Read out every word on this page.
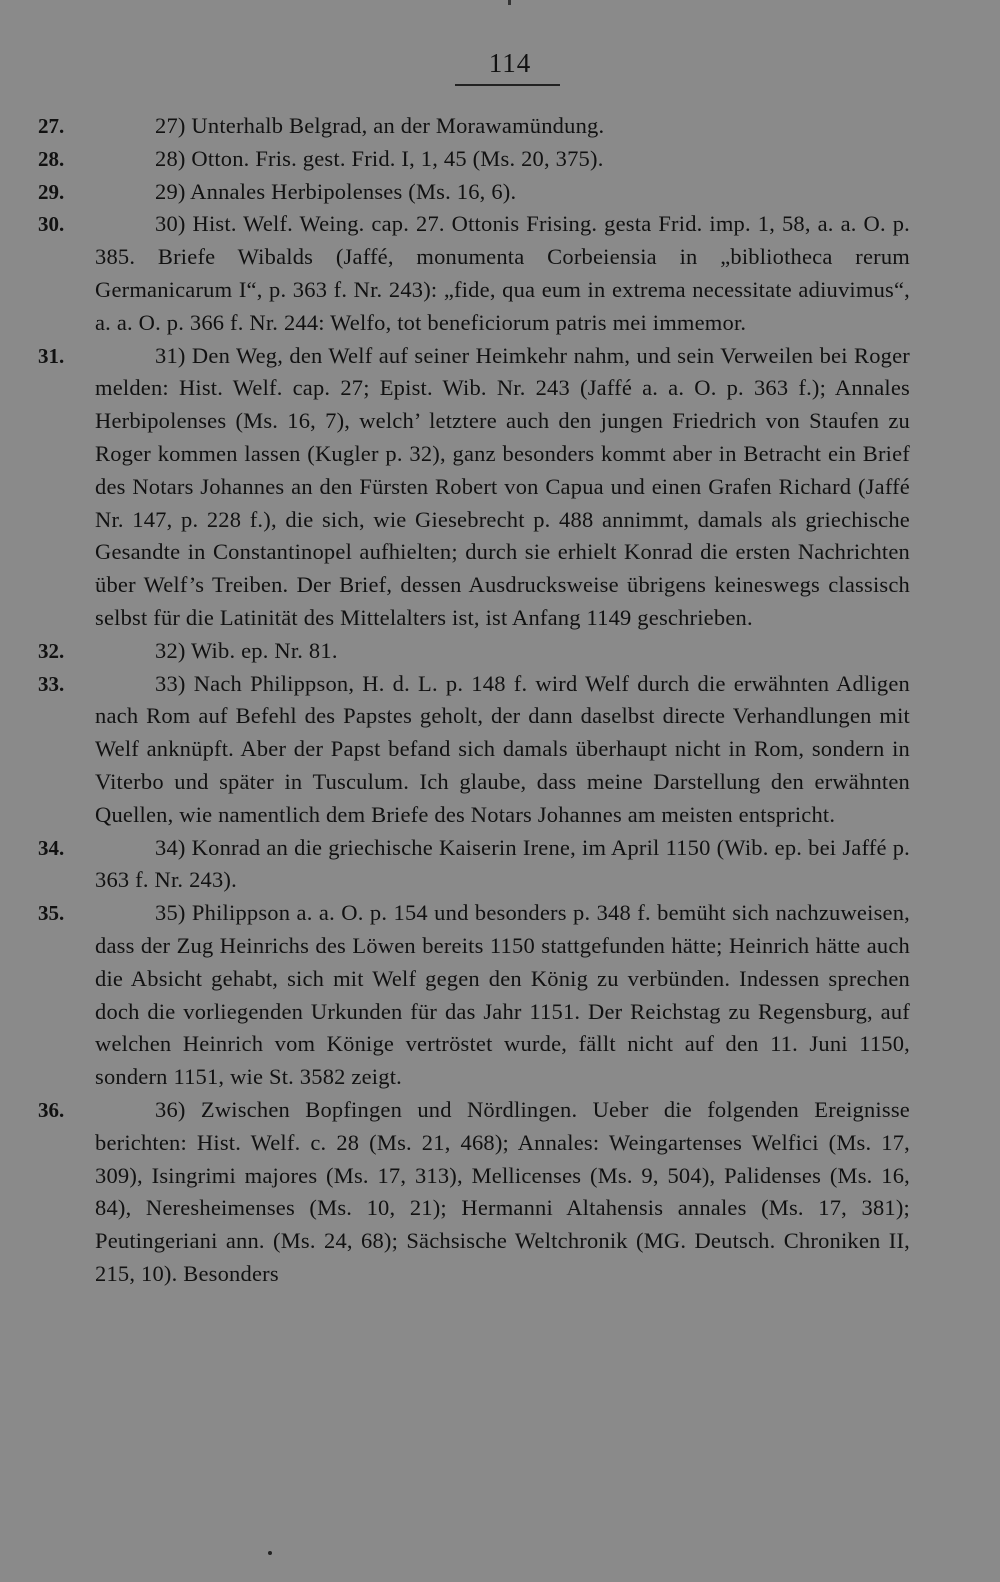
114
27.	27) Unterhalb Belgrad, an der Morawamündung.
28.	28) Otton. Fris. gest. Frid. I, 1, 45 (Ms. 20, 375).
29.	29) Annales Herbipolenses (Ms. 16, 6).
30.	30) Hist. Welf. Weing. cap. 27. Ottonis Frising. gesta Frid. imp. 1, 58, a. a. O. p. 385. Briefe Wibalds (Jaffé, monumenta Corbeiensia in „bibliotheca rerum Germanicarum I“, p. 363 f. Nr. 243): „fide, qua eum in extrema necessitate adiuvimus“, a. a. O. p. 366 f. Nr. 244: Welfo, tot beneficiorum patris mei immemor.
31.	31) Den Weg, den Welf auf seiner Heimkehr nahm, und sein Verweilen bei Roger melden: Hist. Welf. cap. 27; Epist. Wib. Nr. 243 (Jaffé a. a. O. p. 363 f.); Annales Herbipolenses (Ms. 16, 7), welch’ letztere auch den jungen Friedrich von Staufen zu Roger kommen lassen (Kugler p. 32), ganz besonders kommt aber in Betracht ein Brief des Notars Johannes an den Fürsten Robert von Capua und einen Grafen Richard (Jaffé Nr. 147, p. 228 f.), die sich, wie Giesebrecht p. 488 annimmt, damals als griechische Gesandte in Constantinopel aufhielten; durch sie erhielt Konrad die ersten Nachrichten über Welf’s Treiben. Der Brief, dessen Ausdrucksweise übrigens keineswegs classisch selbst für die Latinität des Mittelalters ist, ist Anfang 1149 geschrieben.
32.	32) Wib. ep. Nr. 81.
33.	33) Nach Philippson, H. d. L. p. 148 f. wird Welf durch die erwähnten Adligen nach Rom auf Befehl des Papstes geholt, der dann daselbst directe Verhandlungen mit Welf anknüpft. Aber der Papst befand sich damals überhaupt nicht in Rom, sondern in Viterbo und später in Tusculum. Ich glaube, dass meine Darstellung den erwähnten Quellen, wie namentlich dem Briefe des Notars Johannes am meisten entspricht.
34.	34) Konrad an die griechische Kaiserin Irene, im April 1150 (Wib. ep. bei Jaffé p. 363 f. Nr. 243).
35.	35) Philippson a. a. O. p. 154 und besonders p. 348 f. bemüht sich nachzuweisen, dass der Zug Heinrichs des Löwen bereits 1150 stattgefunden hätte; Heinrich hätte auch die Absicht gehabt, sich mit Welf gegen den König zu verbünden. Indessen sprechen doch die vorliegenden Urkunden für das Jahr 1151. Der Reichstag zu Regensburg, auf welchen Heinrich vom Könige vertröstet wurde, fällt nicht auf den 11. Juni 1150, sondern 1151, wie St. 3582 zeigt.
36.	36) Zwischen Bopfingen und Nördlingen. Ueber die folgenden Ereignisse berichten: Hist. Welf. c. 28 (Ms. 21, 468); Annales: Weingartenses Welfici (Ms. 17, 309), Isingrimi majores (Ms. 17, 313), Mellicenses (Ms. 9, 504), Palidenses (Ms. 16, 84), Neresheimenses (Ms. 10, 21); Hermanni Altahensis annales (Ms. 17, 381); Peutingeriani ann. (Ms. 24, 68); Sächsische Weltchronik (MG. Deutsch. Chroniken II, 215, 10). Besonders
